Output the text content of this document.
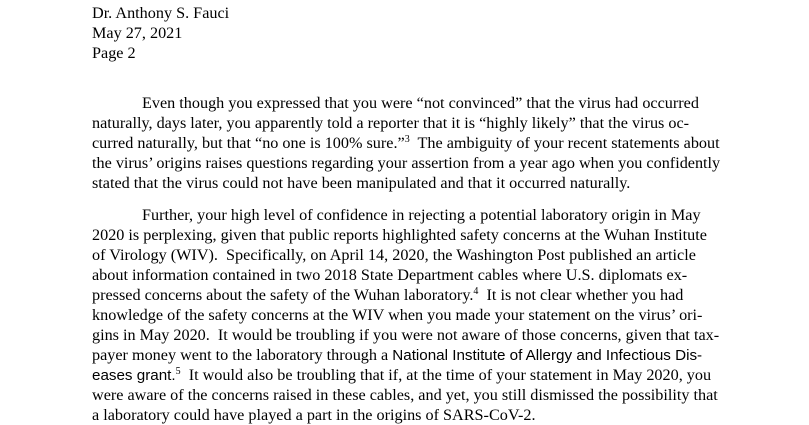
Dr. Anthony S. Fauci
May 27, 2021
Page 2
Even though you expressed that you were “not convinced” that the virus had occurred
naturally, days later, you apparently told a reporter that it is “highly likely” that the virus oc-
curred naturally, but that “no one is 100% sure.”$^3$  The ambiguity of your recent statements about
the virus’ origins raises questions regarding your assertion from a year ago when you confidently
stated that the virus could not have been manipulated and that it occurred naturally.
Further, your high level of confidence in rejecting a potential laboratory origin in May
2020 is perplexing, given that public reports highlighted safety concerns at the Wuhan Institute
of Virology (WIV).  Specifically, on April 14, 2020, the Washington Post published an article
about information contained in two 2018 State Department cables where U.S. diplomats ex-
pressed concerns about the safety of the Wuhan laboratory.$^4$  It is not clear whether you had
knowledge of the safety concerns at the WIV when you made your statement on the virus’ ori-
gins in May 2020.  It would be troubling if you were not aware of those concerns, given that tax-
payer money went to the laboratory through a National Institute of Allergy and Infectious Dis-
eases grant.$^5$  It would also be troubling that if, at the time of your statement in May 2020, you
were aware of the concerns raised in these cables, and yet, you still dismissed the possibility that
a laboratory could have played a part in the origins of SARS-CoV-2.
